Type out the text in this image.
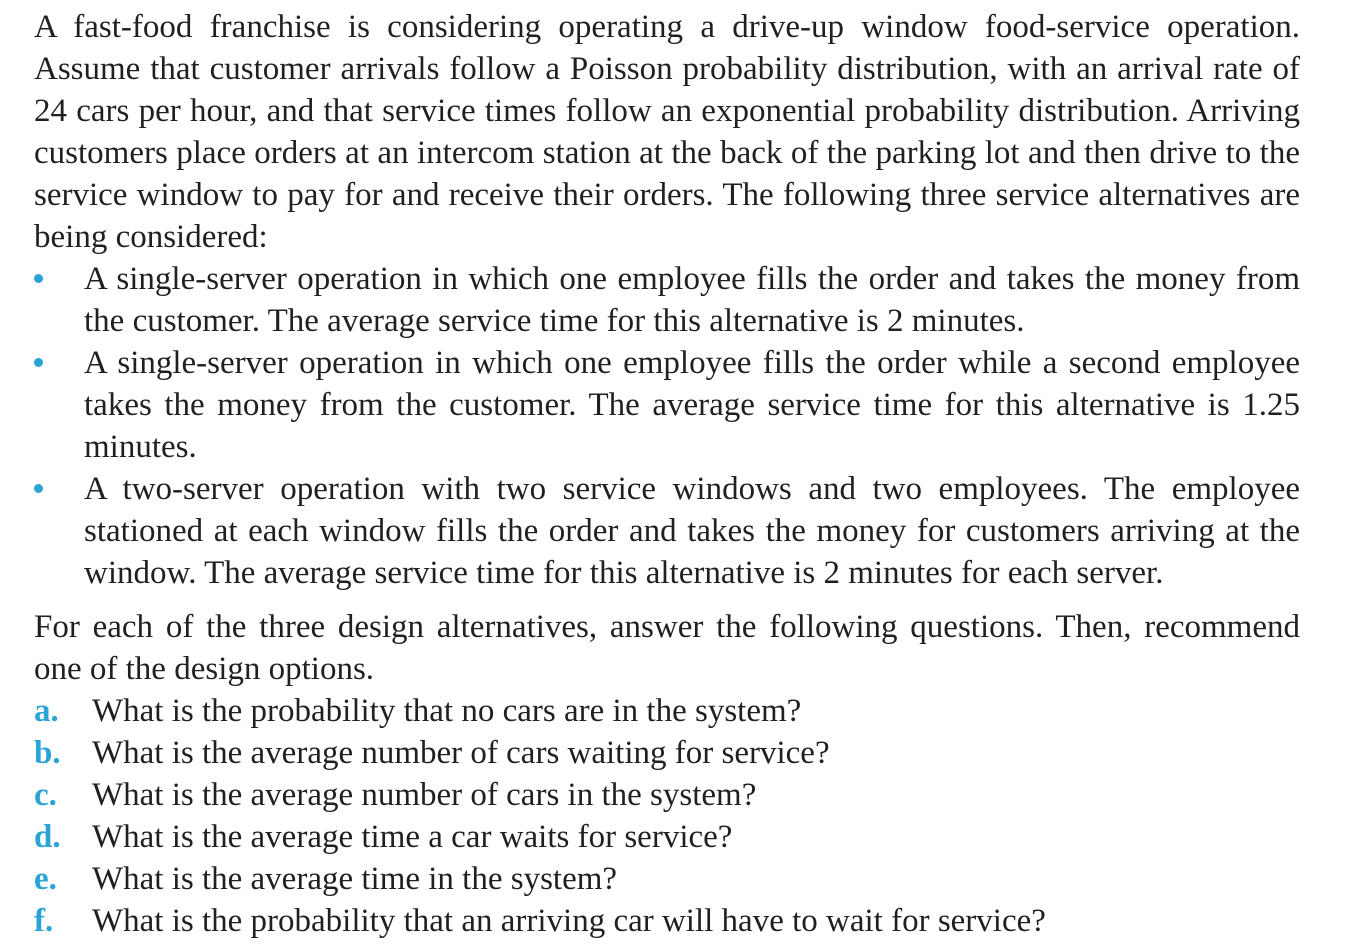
A fast-food franchise is considering operating a drive-up window food-service operation. Assume that customer arrivals follow a Poisson probability distribution, with an arrival rate of 24 cars per hour, and that service times follow an exponential probability distribution. Arriving customers place orders at an intercom station at the back of the parking lot and then drive to the service window to pay for and receive their orders. The following three service alternatives are being considered:

A single-server operation in which one employee fills the order and takes the money from the customer. The average service time for this alternative is 2 minutes.
A single-server operation in which one employee fills the order while a second employee takes the money from the customer. The average service time for this alternative is 1.25 minutes.
A two-server operation with two service windows and two employees. The employee stationed at each window fills the order and takes the money for customers arriving at the window. The average service time for this alternative is 2 minutes for each server.

For each of the three design alternatives, answer the following questions. Then, recommend one of the design options.

a. What is the probability that no cars are in the system?
b. What is the average number of cars waiting for service?
c. What is the average number of cars in the system?
d. What is the average time a car waits for service?
e. What is the average time in the system?
f. What is the probability that an arriving car will have to wait for service?
